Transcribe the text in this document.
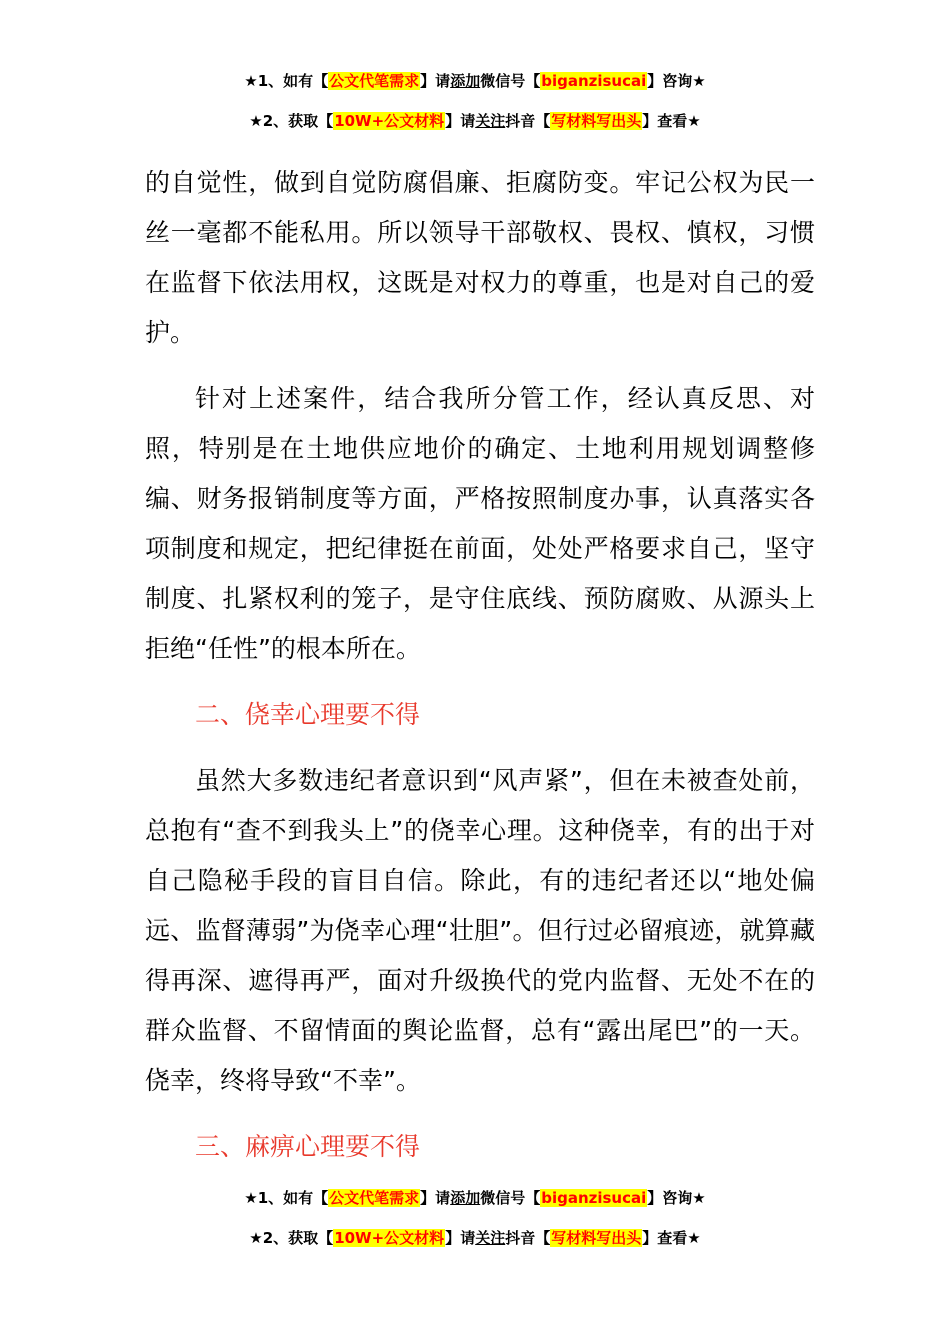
★1、如有【公文代笔需求】请添加微信号【biganzisucai】咨询★
★2、获取【10W+公文材料】请关注抖音【写材料写出头】查看★

的自觉性，做到自觉防腐倡廉、拒腐防变。牢记公权为民一丝一毫都不能私用。所以领导干部敬权、畏权、慎权，习惯在监督下依法用权，这既是对权力的尊重，也是对自己的爱护。

针对上述案件，结合我所分管工作，经认真反思、对照，特别是在土地供应地价的确定、土地利用规划调整修编、财务报销制度等方面，严格按照制度办事，认真落实各项制度和规定，把纪律挺在前面，处处严格要求自己，坚守制度、扎紧权利的笼子，是守住底线、预防腐败、从源头上拒绝“任性”的根本所在。

二、侥幸心理要不得

虽然大多数违纪者意识到“风声紧”，但在未被查处前，总抱有“查不到我头上”的侥幸心理。这种侥幸，有的出于对自己隐秘手段的盲目自信。除此，有的违纪者还以“地处偏远、监督薄弱”为侥幸心理“壮胆”。但行过必留痕迹，就算藏得再深、遮得再严，面对升级换代的党内监督、无处不在的群众监督、不留情面的舆论监督，总有“露出尾巴”的一天。侥幸，终将导致“不幸”。

三、麻痹心理要不得

★1、如有【公文代笔需求】请添加微信号【biganzisucai】咨询★
★2、获取【10W+公文材料】请关注抖音【写材料写出头】查看★
